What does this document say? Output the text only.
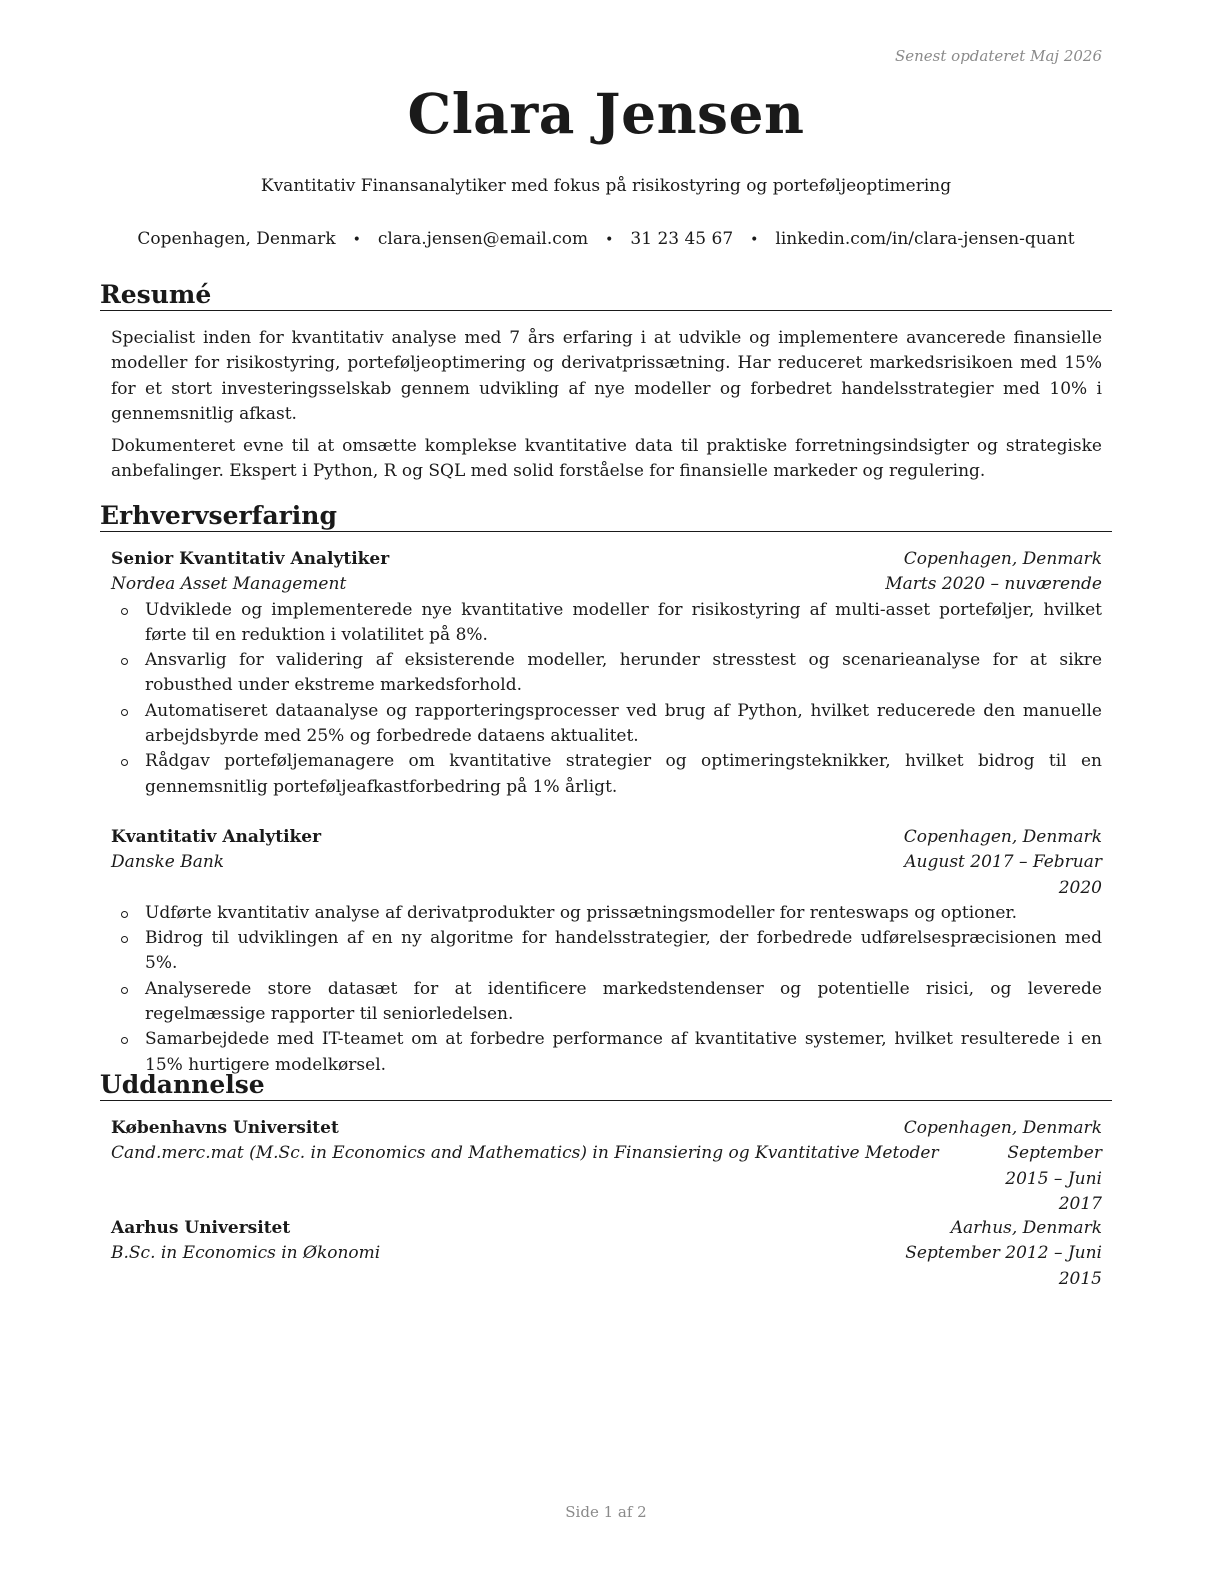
Senest opdateret Maj 2026
Clara Jensen
Kvantitativ Finansanalytiker med fokus på risikostyring og porteføljeoptimering
Copenhagen, Denmark • clara.jensen@email.com • 31 23 45 67 • linkedin.com/in/clara-jensen-quant
Resumé
Specialist inden for kvantitativ analyse med 7 års erfaring i at udvikle og implementere avancerede finansielle modeller for risikostyring, porteføljeoptimering og derivatprissætning. Har reduceret markedsrisikoen med 15% for et stort investeringsselskab gennem udvikling af nye modeller og forbedret handelsstrategier med 10% i gennemsnitlig afkast.
Dokumenteret evne til at omsætte komplekse kvantitative data til praktiske forretningsindsigter og strategiske anbefalinger. Ekspert i Python, R og SQL med solid forståelse for finansielle markeder og regulering.
Erhvervserfaring
Senior Kvantitativ Analytiker	Copenhagen, Denmark
Nordea Asset Management	Marts 2020 – nuværende
Udviklede og implementerede nye kvantitative modeller for risikostyring af multi-asset porteføljer, hvilket førte til en reduktion i volatilitet på 8%.
Ansvarlig for validering af eksisterende modeller, herunder stresstest og scenarieanalyse for at sikre robusthed under ekstreme markedsforhold.
Automatiseret dataanalyse og rapporteringsprocesser ved brug af Python, hvilket reducerede den manuelle arbejdsbyrde med 25% og forbedrede dataens aktualitet.
Rådgav porteføljemanagere om kvantitative strategier og optimeringsteknikker, hvilket bidrog til en gennemsnitlig porteføljeafkastforbedring på 1% årligt.
Kvantitativ Analytiker	Copenhagen, Denmark
Danske Bank	August 2017 – Februar 2020
Udførte kvantitativ analyse af derivatprodukter og prissætningsmodeller for renteswaps og optioner.
Bidrog til udviklingen af en ny algoritme for handelsstrategier, der forbedrede udførelsespræcisionen med 5%.
Analyserede store datasæt for at identificere markedstendenser og potentielle risici, og leverede regelmæssige rapporter til seniorledelsen.
Samarbejdede med IT-teamet om at forbedre performance af kvantitative systemer, hvilket resulterede i en 15% hurtigere modelkørsel.
Uddannelse
Københavns Universitet	Copenhagen, Denmark
Cand.merc.mat (M.Sc. in Economics and Mathematics) in Finansiering og Kvantitative Metoder	September 2015 – Juni 2017
Aarhus Universitet	Aarhus, Denmark
B.Sc. in Economics in Økonomi	September 2012 – Juni 2015
Side 1 af 2
